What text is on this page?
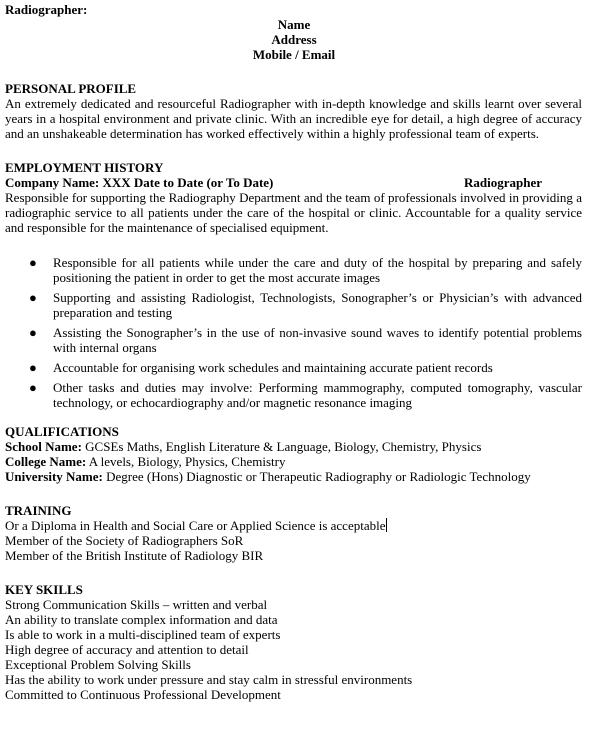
Radiographer:
Name
Address
Mobile / Email
PERSONAL PROFILE
An extremely dedicated and resourceful Radiographer with in-depth knowledge and skills learnt over several years in a hospital environment and private clinic. With an incredible eye for detail, a high degree of accuracy and an unshakeable determination has worked effectively within a highly professional team of experts.
EMPLOYMENT HISTORY
Company Name: XXX Date to Date (or To Date)	Radiographer
Responsible for supporting the Radiography Department and the team of professionals involved in providing a radiographic service to all patients under the care of the hospital or clinic. Accountable for a quality service and responsible for the maintenance of specialised equipment.
● Responsible for all patients while under the care and duty of the hospital by preparing and safely positioning the patient in order to get the most accurate images
● Supporting and assisting Radiologist, Technologists, Sonographer’s or Physician’s with advanced preparation and testing
● Assisting the Sonographer’s in the use of non-invasive sound waves to identify potential problems with internal organs
● Accountable for organising work schedules and maintaining accurate patient records
● Other tasks and duties may involve: Performing mammography, computed tomography, vascular technology, or echocardiography and/or magnetic resonance imaging
QUALIFICATIONS
School Name: GCSEs Maths, English Literature & Language, Biology, Chemistry, Physics
College Name: A levels, Biology, Physics, Chemistry
University Name: Degree (Hons) Diagnostic or Therapeutic Radiography or Radiologic Technology
TRAINING
Or a Diploma in Health and Social Care or Applied Science is acceptable
Member of the Society of Radiographers SoR
Member of the British Institute of Radiology BIR
KEY SKILLS
Strong Communication Skills – written and verbal
An ability to translate complex information and data
Is able to work in a multi-disciplined team of experts
High degree of accuracy and attention to detail
Exceptional Problem Solving Skills
Has the ability to work under pressure and stay calm in stressful environments
Committed to Continuous Professional Development
